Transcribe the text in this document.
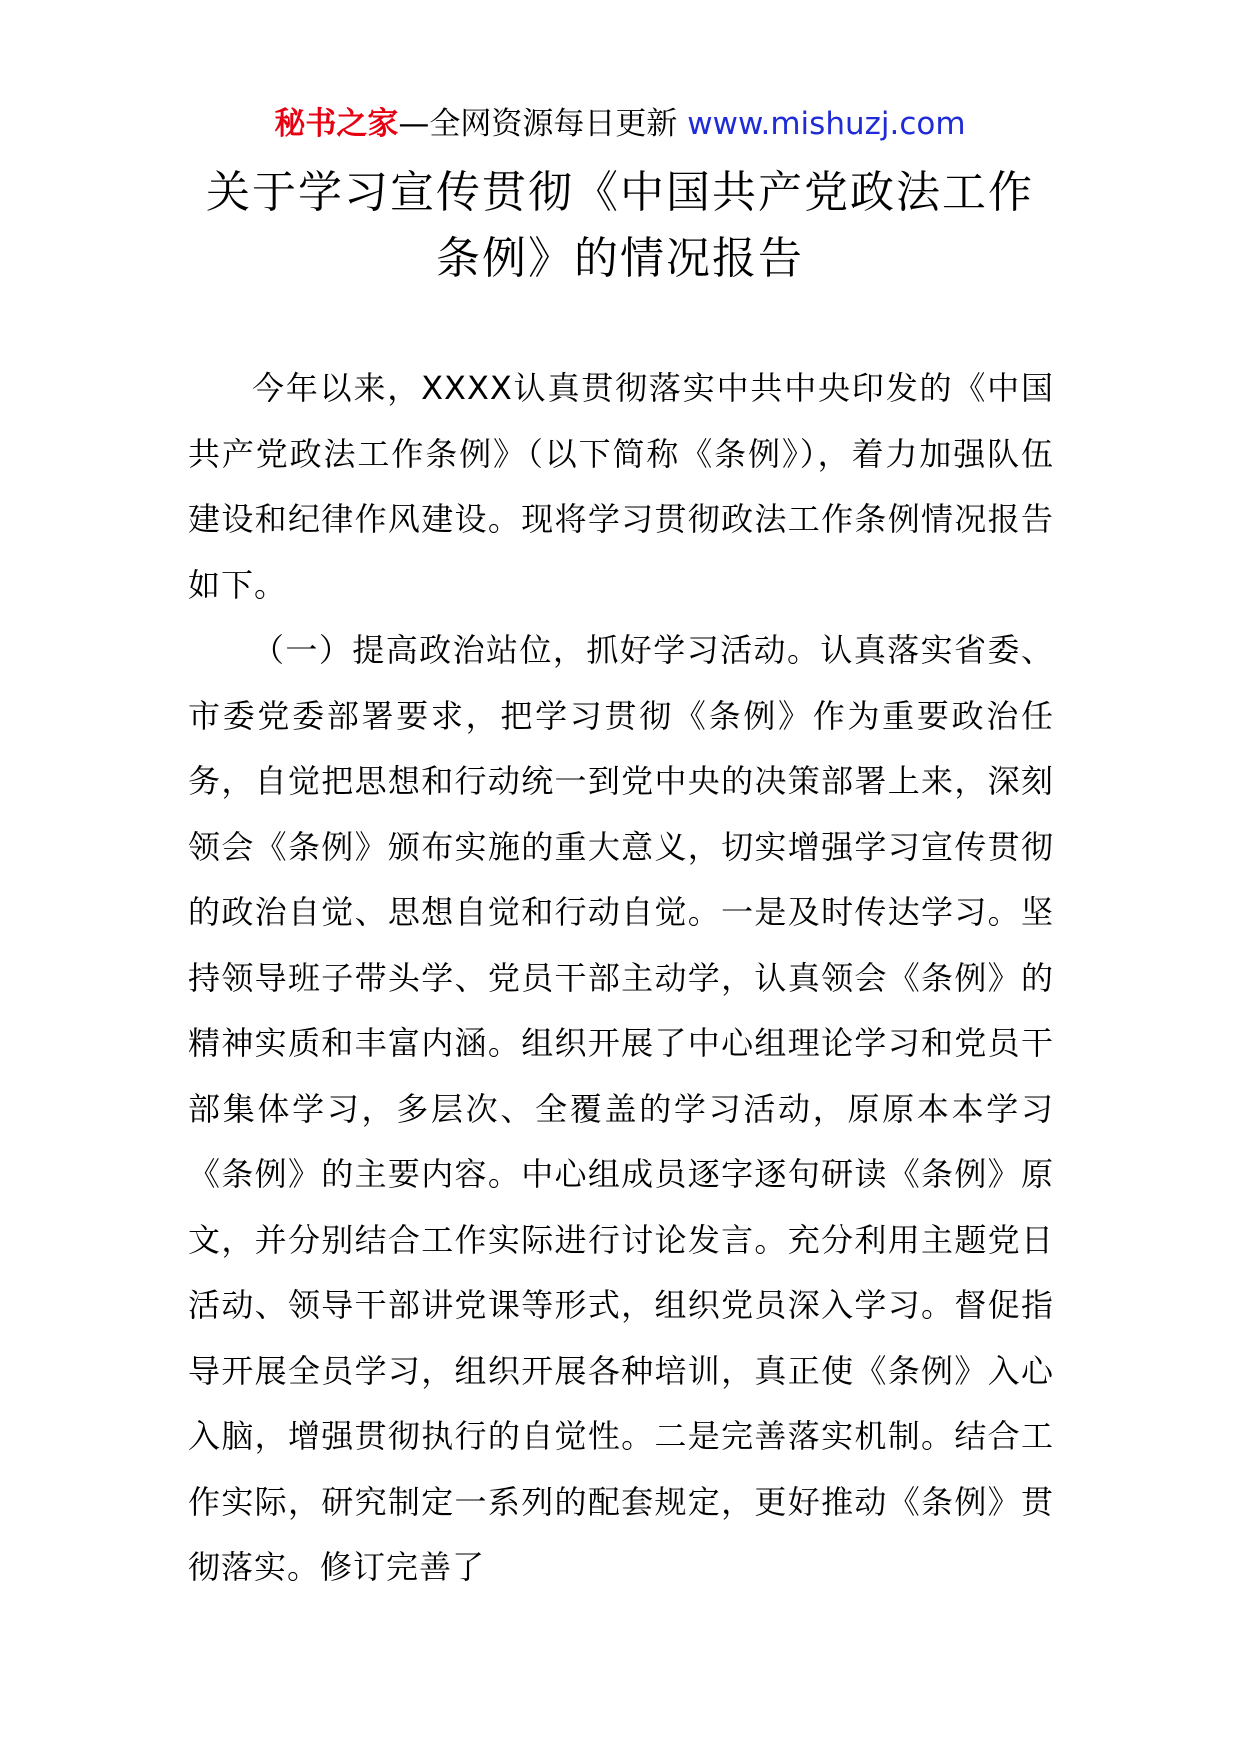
秘书之家—全网资源每日更新 www.mishuzj.com
关于学习宣传贯彻《中国共产党政法工作条例》的情况报告

今年以来，XXXX认真贯彻落实中共中央印发的《中国共产党政法工作条例》（以下简称《条例》），着力加强队伍建设和纪律作风建设。现将学习贯彻政法工作条例情况报告如下。

（一）提高政治站位，抓好学习活动。认真落实省委、市委党委部署要求，把学习贯彻《条例》作为重要政治任务，自觉把思想和行动统一到党中央的决策部署上来，深刻领会《条例》颁布实施的重大意义，切实增强学习宣传贯彻的政治自觉、思想自觉和行动自觉。一是及时传达学习。坚持领导班子带头学、党员干部主动学，认真领会《条例》的精神实质和丰富内涵。组织开展了中心组理论学习和党员干部集体学习，多层次、全覆盖的学习活动，原原本本学习《条例》的主要内容。中心组成员逐字逐句研读《条例》原文，并分别结合工作实际进行讨论发言。充分利用主题党日活动、领导干部讲党课等形式，组织党员深入学习。督促指导开展全员学习，组织开展各种培训，真正使《条例》入心入脑，增强贯彻执行的自觉性。二是完善落实机制。结合工作实际，研究制定一系列的配套规定，更好推动《条例》贯彻落实。修订完善了
